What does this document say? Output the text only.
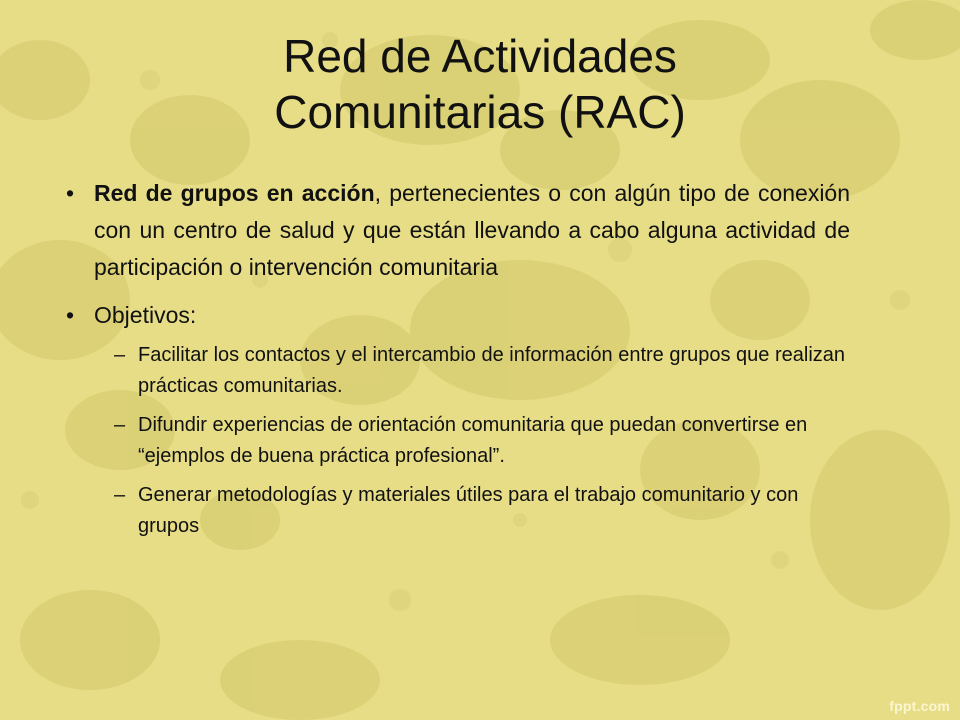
Red de Actividades
Comunitarias (RAC)

• Red de grupos en acción, pertenecientes o con algún tipo de conexión con un centro de salud y que están llevando a cabo alguna actividad de participación o intervención comunitaria

• Objetivos:

– Facilitar los contactos y el intercambio de información entre grupos que realizan prácticas comunitarias.

– Difundir experiencias de orientación comunitaria que puedan convertirse en “ejemplos de buena práctica profesional”.

– Generar metodologías y materiales útiles para el trabajo comunitario y con grupos

fppt.com
